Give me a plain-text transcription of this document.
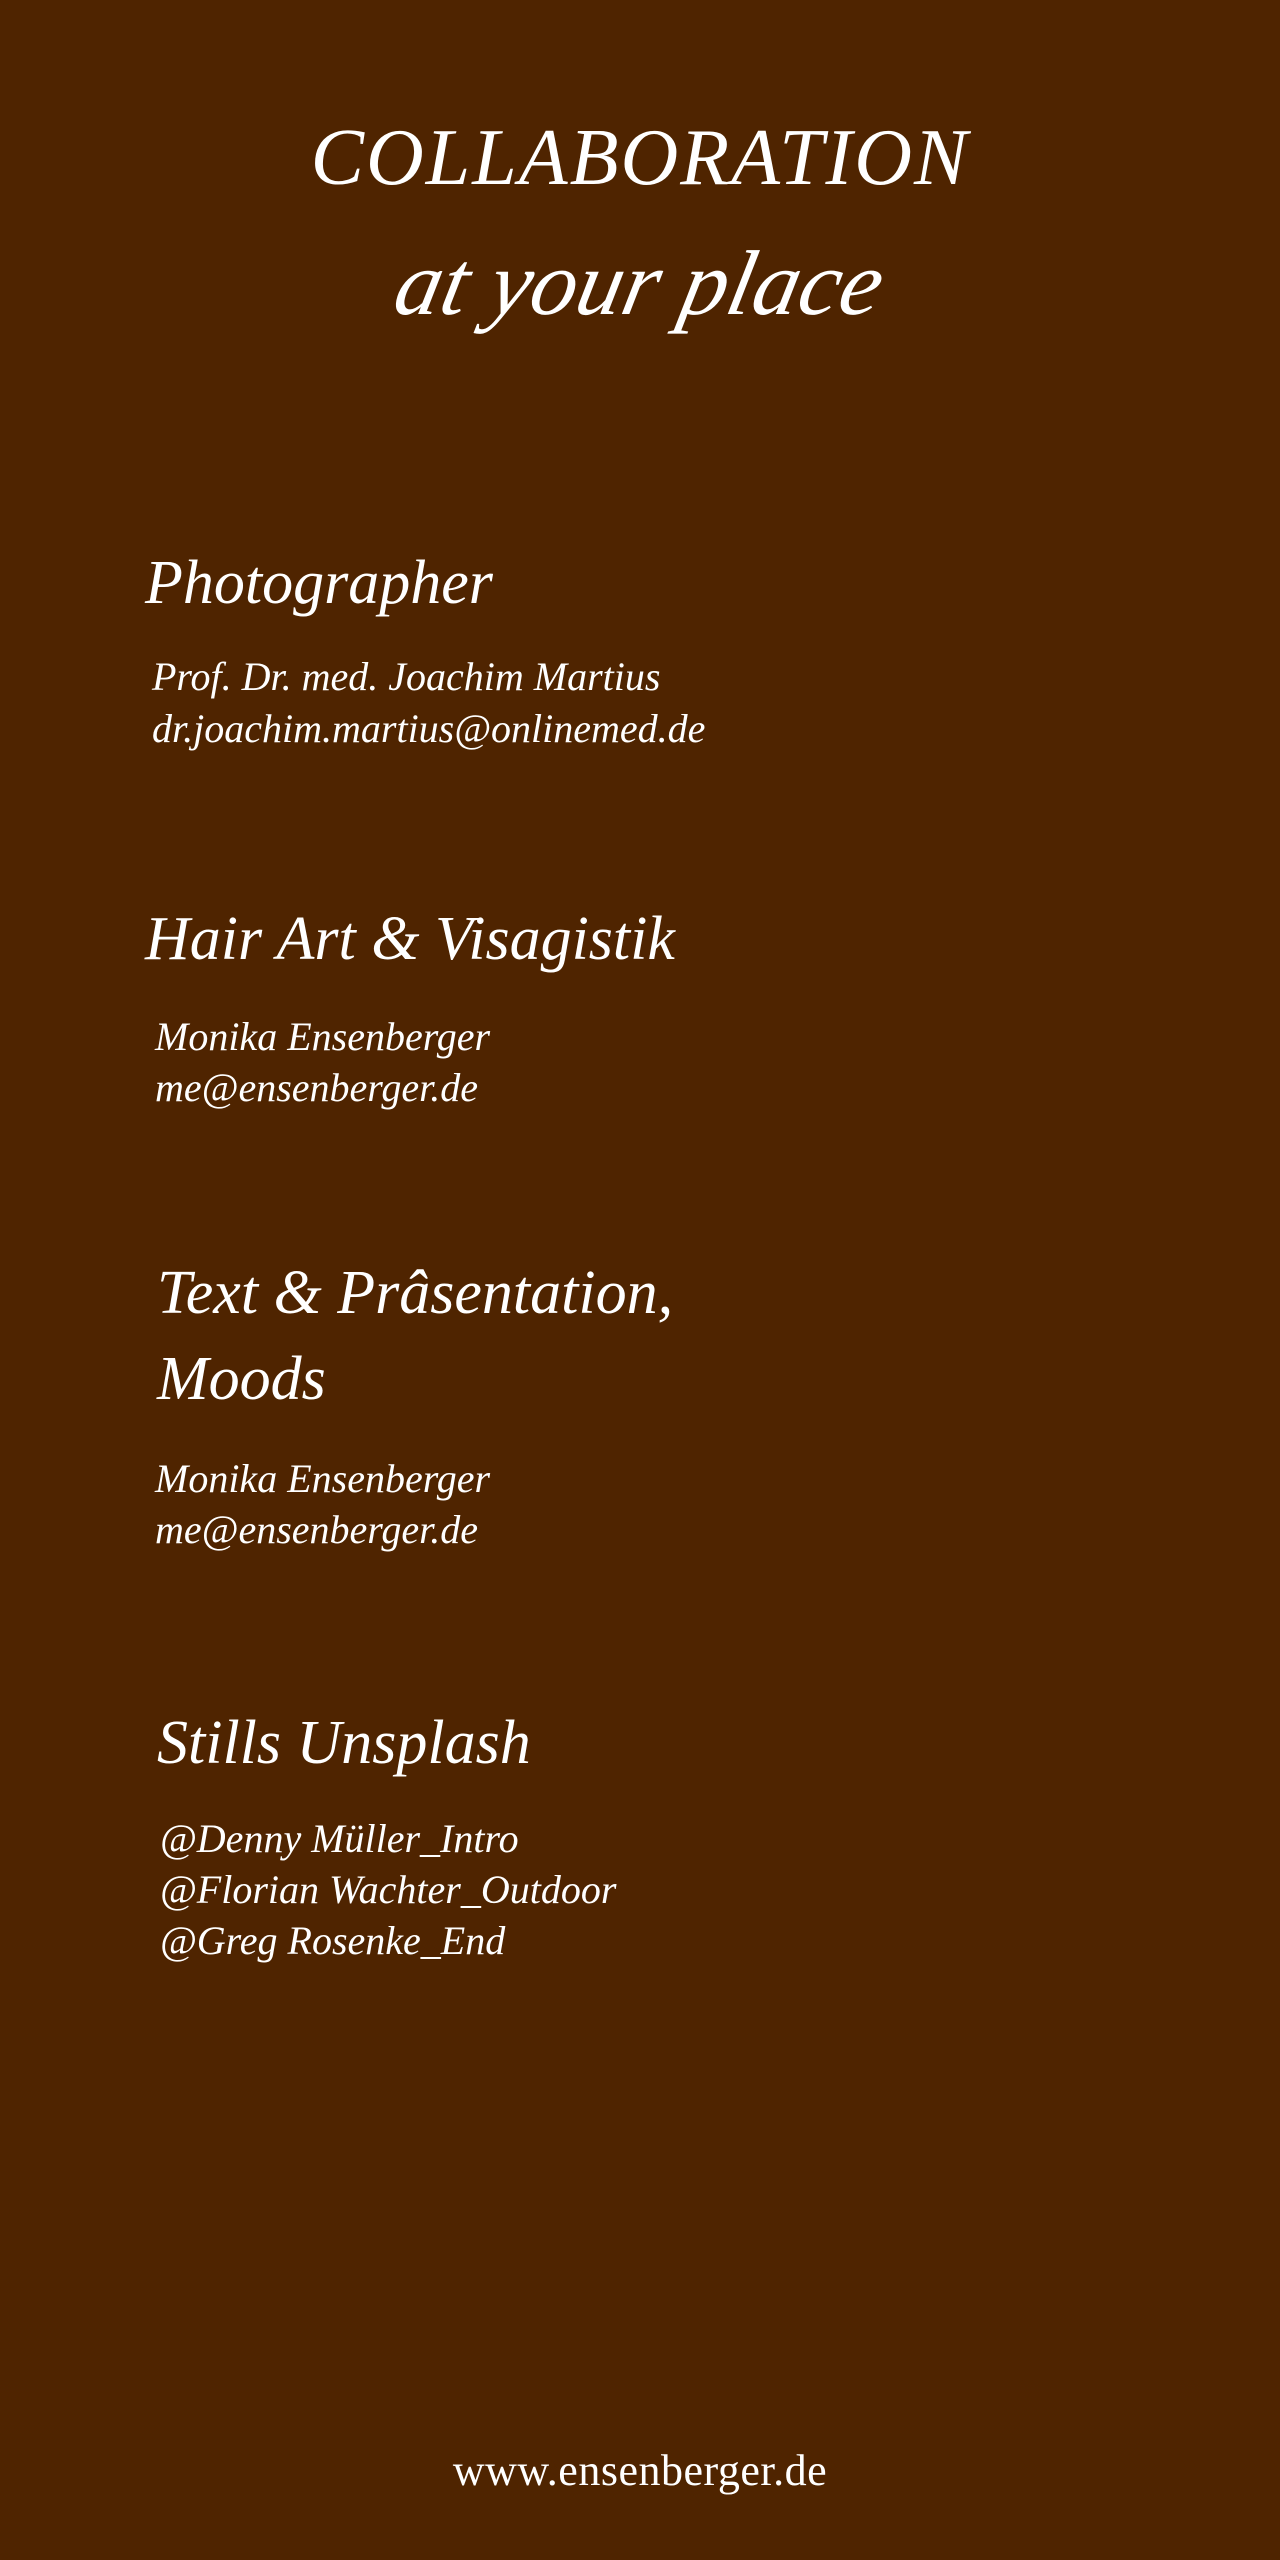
COLLABORATION
at your place
Photographer
Prof. Dr. med. Joachim Martius
dr.joachim.martius@onlinemed.de
Hair Art & Visagistik
Monika Ensenberger
me@ensenberger.de
Text & Prâsentation,
Moods
Monika Ensenberger
me@ensenberger.de
Stills Unsplash
@Denny Müller_Intro
@Florian Wachter_Outdoor
@Greg Rosenke_End
www.ensenberger.de
